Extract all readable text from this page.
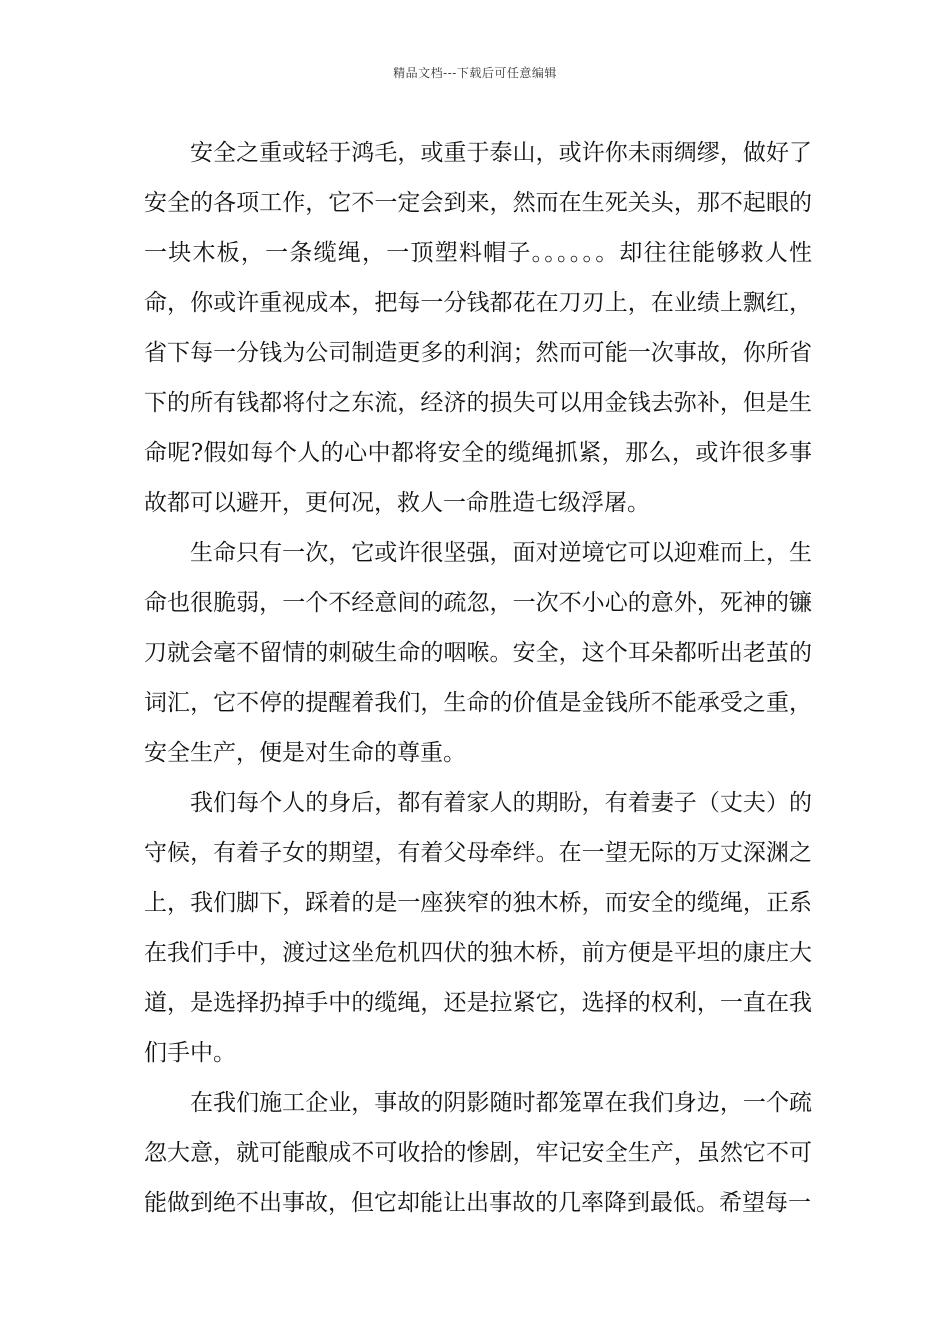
精品文档---下载后可任意编辑

安全之重或轻于鸿毛，或重于泰山，或许你未雨绸缪，做好了安全的各项工作，它不一定会到来，然而在生死关头，那不起眼的一块木板，一条缆绳，一顶塑料帽子。。。。。。却往往能够救人性命，你或许重视成本，把每一分钱都花在刀刃上，在业绩上飘红，省下每一分钱为公司制造更多的利润；然而可能一次事故，你所省下的所有钱都将付之东流，经济的损失可以用金钱去弥补，但是生命呢?假如每个人的心中都将安全的缆绳抓紧，那么，或许很多事故都可以避开，更何况，救人一命胜造七级浮屠。

生命只有一次，它或许很坚强，面对逆境它可以迎难而上，生命也很脆弱，一个不经意间的疏忽，一次不小心的意外，死神的镰刀就会毫不留情的刺破生命的咽喉。安全，这个耳朵都听出老茧的词汇，它不停的提醒着我们，生命的价值是金钱所不能承受之重，安全生产，便是对生命的尊重。

我们每个人的身后，都有着家人的期盼，有着妻子（丈夫）的守候，有着子女的期望，有着父母牵绊。在一望无际的万丈深渊之上，我们脚下，踩着的是一座狭窄的独木桥，而安全的缆绳，正系在我们手中，渡过这坐危机四伏的独木桥，前方便是平坦的康庄大道，是选择扔掉手中的缆绳，还是拉紧它，选择的权利，一直在我们手中。

在我们施工企业，事故的阴影随时都笼罩在我们身边，一个疏忽大意，就可能酿成不可收拾的惨剧，牢记安全生产，虽然它不可能做到绝不出事故，但它却能让出事故的几率降到最低。希望每一
